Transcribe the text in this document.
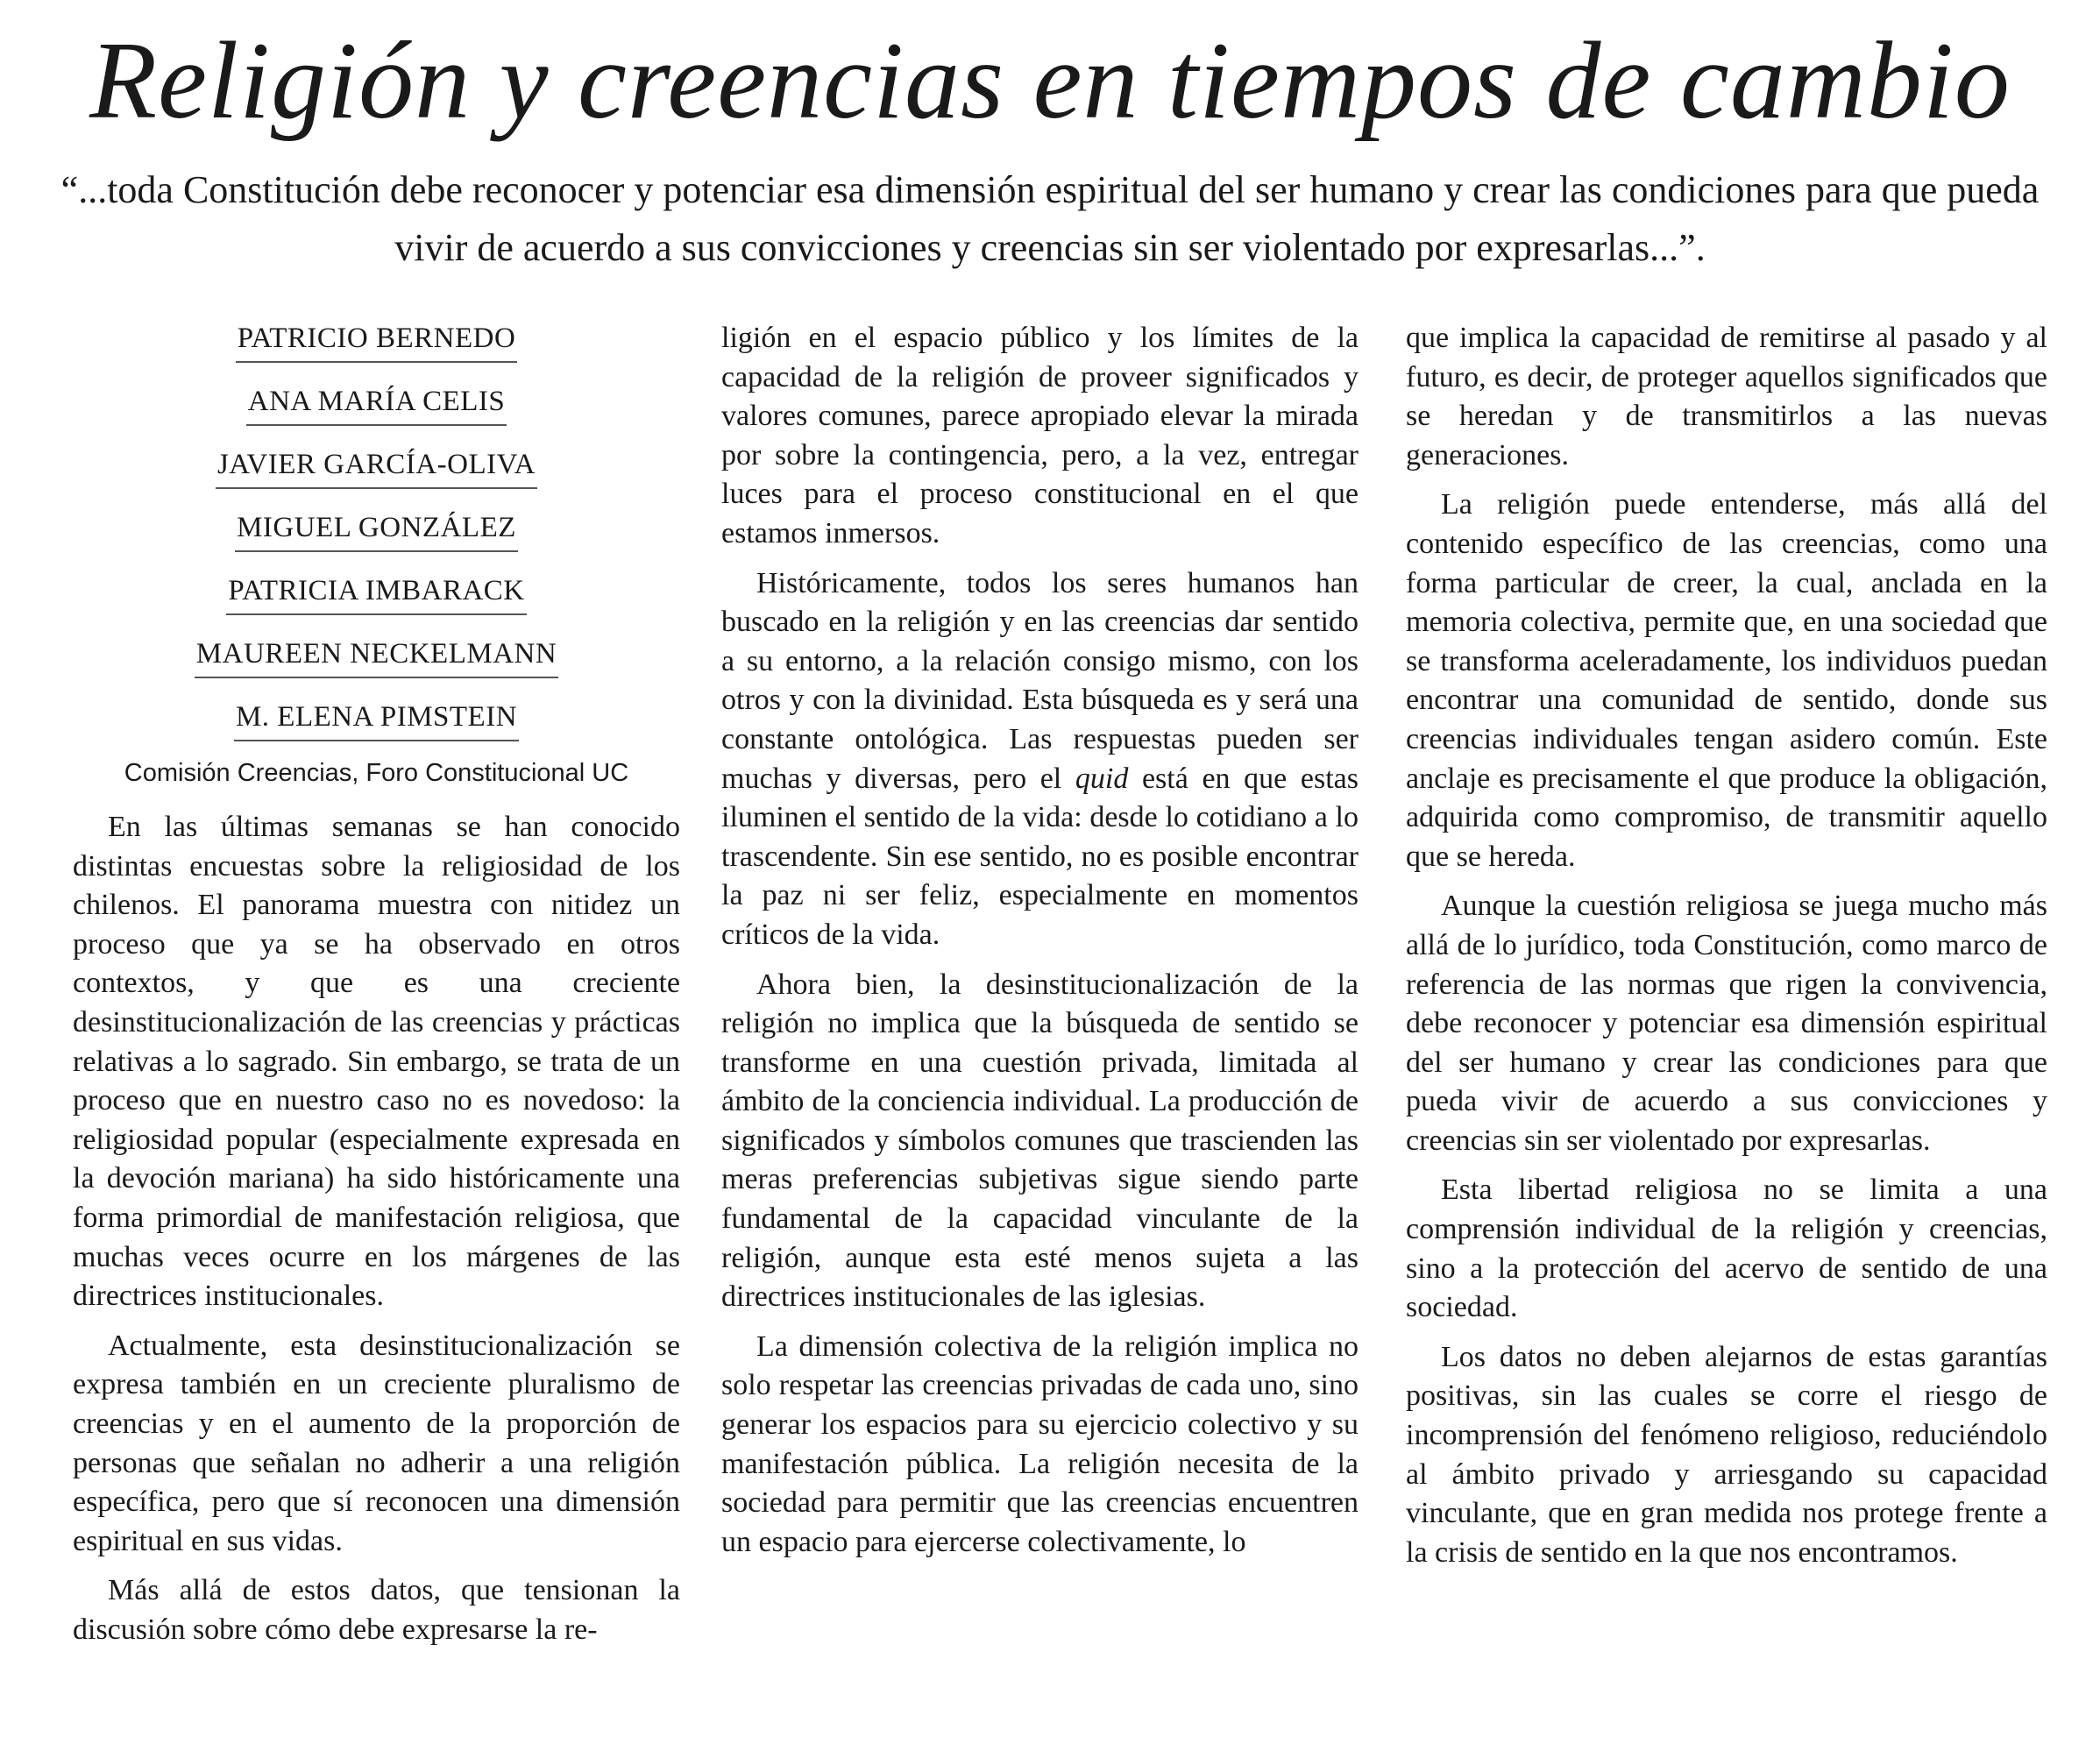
Religión y creencias en tiempos de cambio

“...toda Constitución debe reconocer y potenciar esa dimensión espiritual del ser humano y crear las condiciones para que pueda vivir de acuerdo a sus convicciones y creencias sin ser violentado por expresarlas...”.

PATRICIO BERNEDO
ANA MARÍA CELIS
JAVIER GARCÍA-OLIVA
MIGUEL GONZÁLEZ
PATRICIA IMBARACK
MAUREEN NECKELMANN
M. ELENA PIMSTEIN
Comisión Creencias, Foro Constitucional UC

En las últimas semanas se han conocido distintas encuestas sobre la religiosidad de los chilenos. El panorama muestra con nitidez un proceso que ya se ha observado en otros contextos, y que es una creciente desinstitucionalización de las creencias y prácticas relativas a lo sagrado. Sin embargo, se trata de un proceso que en nuestro caso no es novedoso: la religiosidad popular (especialmente expresada en la devoción mariana) ha sido históricamente una forma primordial de manifestación religiosa, que muchas veces ocurre en los márgenes de las directrices institucionales.

Actualmente, esta desinstitucionalización se expresa también en un creciente pluralismo de creencias y en el aumento de la proporción de personas que señalan no adherir a una religión específica, pero que sí reconocen una dimensión espiritual en sus vidas.

Más allá de estos datos, que tensionan la discusión sobre cómo debe expresarse la re-

ligión en el espacio público y los límites de la capacidad de la religión de proveer significados y valores comunes, parece apropiado elevar la mirada por sobre la contingencia, pero, a la vez, entregar luces para el proceso constitucional en el que estamos inmersos.

Históricamente, todos los seres humanos han buscado en la religión y en las creencias dar sentido a su entorno, a la relación consigo mismo, con los otros y con la divinidad. Esta búsqueda es y será una constante ontológica. Las respuestas pueden ser muchas y diversas, pero el quid está en que estas iluminen el sentido de la vida: desde lo cotidiano a lo trascendente. Sin ese sentido, no es posible encontrar la paz ni ser feliz, especialmente en momentos críticos de la vida.

Ahora bien, la desinstitucionalización de la religión no implica que la búsqueda de sentido se transforme en una cuestión privada, limitada al ámbito de la conciencia individual. La producción de significados y símbolos comunes que trascienden las meras preferencias subjetivas sigue siendo parte fundamental de la capacidad vinculante de la religión, aunque esta esté menos sujeta a las directrices institucionales de las iglesias.

La dimensión colectiva de la religión implica no solo respetar las creencias privadas de cada uno, sino generar los espacios para su ejercicio colectivo y su manifestación pública. La religión necesita de la sociedad para permitir que las creencias encuentren un espacio para ejercerse colectivamente, lo

que implica la capacidad de remitirse al pasado y al futuro, es decir, de proteger aquellos significados que se heredan y de transmitirlos a las nuevas generaciones.

La religión puede entenderse, más allá del contenido específico de las creencias, como una forma particular de creer, la cual, anclada en la memoria colectiva, permite que, en una sociedad que se transforma aceleradamente, los individuos puedan encontrar una comunidad de sentido, donde sus creencias individuales tengan asidero común. Este anclaje es precisamente el que produce la obligación, adquirida como compromiso, de transmitir aquello que se hereda.

Aunque la cuestión religiosa se juega mucho más allá de lo jurídico, toda Constitución, como marco de referencia de las normas que rigen la convivencia, debe reconocer y potenciar esa dimensión espiritual del ser humano y crear las condiciones para que pueda vivir de acuerdo a sus convicciones y creencias sin ser violentado por expresarlas.

Esta libertad religiosa no se limita a una comprensión individual de la religión y creencias, sino a la protección del acervo de sentido de una sociedad.

Los datos no deben alejarnos de estas garantías positivas, sin las cuales se corre el riesgo de incomprensión del fenómeno religioso, reduciéndolo al ámbito privado y arriesgando su capacidad vinculante, que en gran medida nos protege frente a la crisis de sentido en la que nos encontramos.
